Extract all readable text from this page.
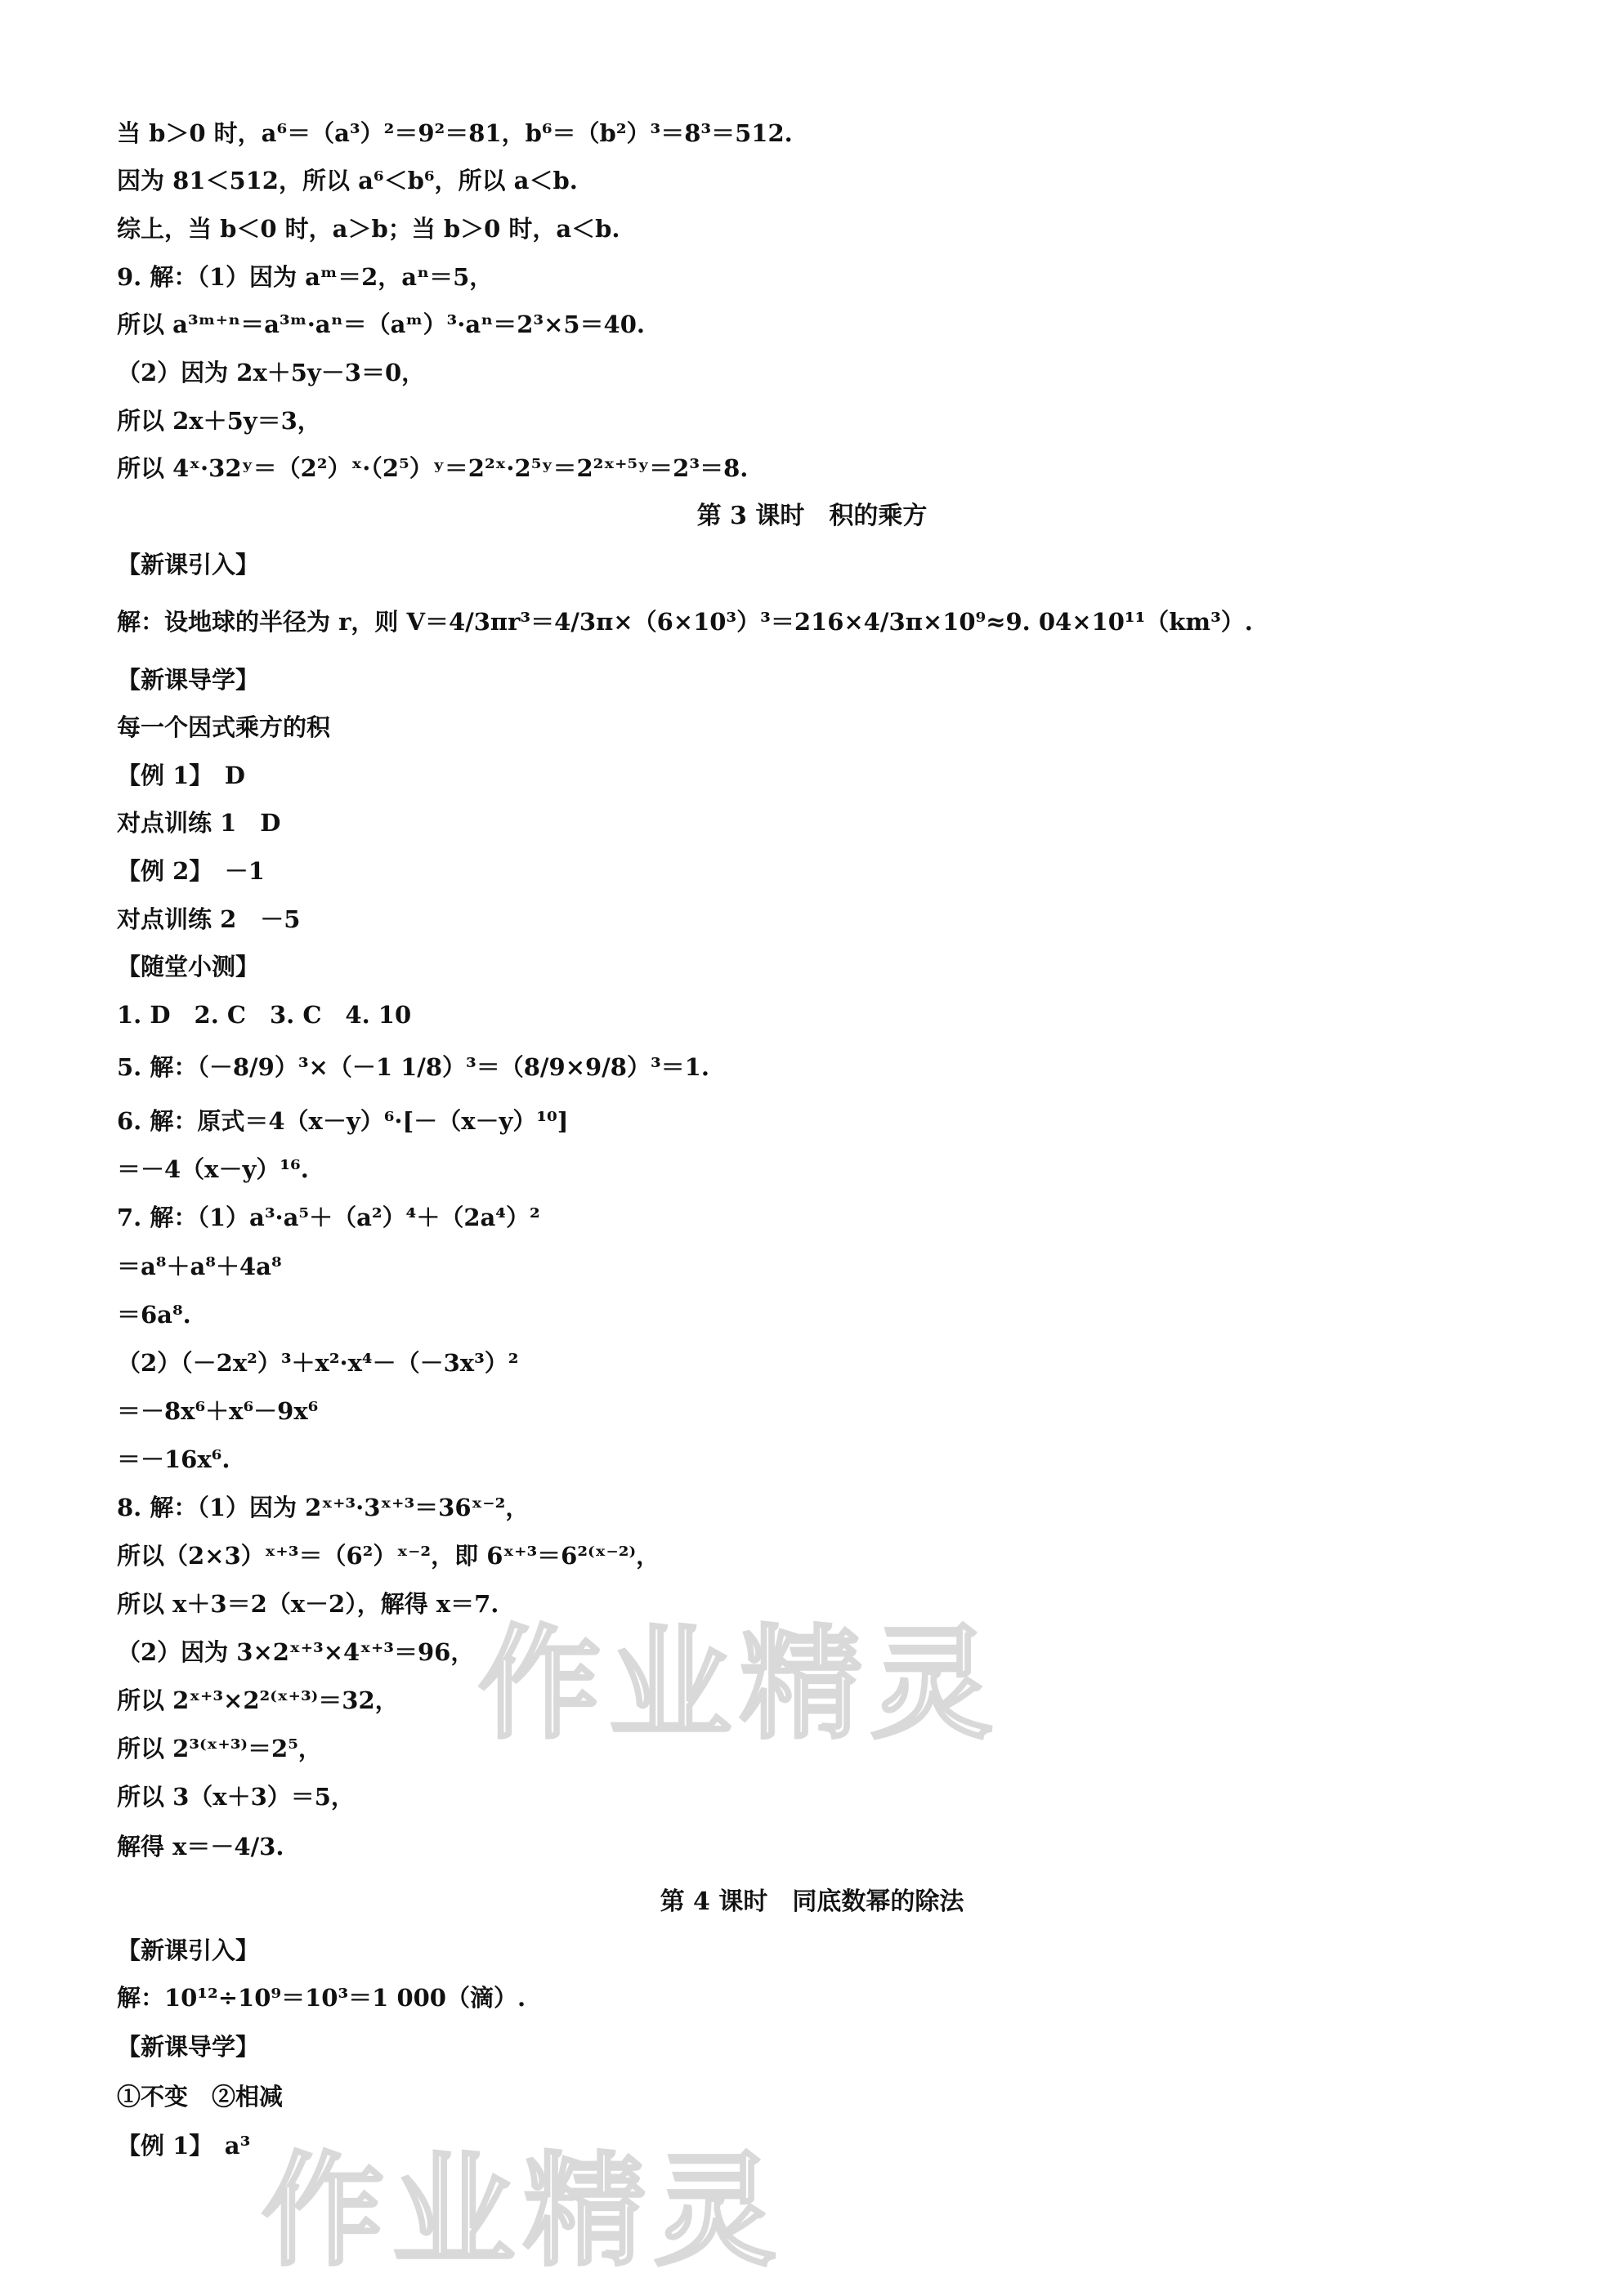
当 b＞0 时，a⁶＝（a³）²＝9²＝81，b⁶＝（b²）³＝8³＝512.
因为 81＜512，所以 a⁶＜b⁶，所以 a＜b.
综上，当 b＜0 时，a＞b；当 b＞0 时，a＜b.
9. 解：（1）因为 aᵐ＝2，aⁿ＝5，
所以 a³ᵐ⁺ⁿ＝a³ᵐ·aⁿ＝（aᵐ）³·aⁿ＝2³×5＝40.
（2）因为 2x＋5y－3＝0，
所以 2x＋5y＝3，
所以 4ˣ·32ʸ＝（2²）ˣ·（2⁵）ʸ＝2²ˣ·2⁵ʸ＝2²ˣ⁺⁵ʸ＝2³＝8.
第 3 课时　积的乘方
【新课引入】
解：设地球的半径为 r，则 V＝4/3πr³＝4/3π×（6×10³）³＝216×4/3π×10⁹≈9. 04×10¹¹（km³）.
【新课导学】
每一个因式乘方的积
【例 1】　D
对点训练 1　D
【例 2】　－1
对点训练 2　－5
【随堂小测】
1. D　2. C　3. C　4. 10
5. 解：（－8/9）³×（－1 1/8）³＝（8/9×9/8）³＝1.
6. 解：原式＝4（x－y）⁶·[－（x－y）¹⁰]
＝－4（x－y）¹⁶.
7. 解：（1）a³·a⁵＋（a²）⁴＋（2a⁴）²
＝a⁸＋a⁸＋4a⁸
＝6a⁸.
（2）（－2x²）³＋x²·x⁴－（－3x³）²
＝－8x⁶＋x⁶－9x⁶
＝－16x⁶.
8. 解：（1）因为 2ˣ⁺³·3ˣ⁺³＝36ˣ⁻²，
所以（2×3）ˣ⁺³＝（6²）ˣ⁻²，即 6ˣ⁺³＝6²⁽ˣ⁻²⁾，
所以 x＋3＝2（x－2），解得 x＝7.
（2）因为 3×2ˣ⁺³×4ˣ⁺³＝96，
所以 2ˣ⁺³×2²⁽ˣ⁺³⁾＝32，
所以 2³⁽ˣ⁺³⁾＝2⁵，
所以 3（x＋3）＝5，
解得 x＝－4/3.
第 4 课时　同底数幂的除法
【新课引入】
解：10¹²÷10⁹＝10³＝1 000（滴）.
【新课导学】
①不变　②相减
【例 1】　a³
作业精灵
作业精灵
